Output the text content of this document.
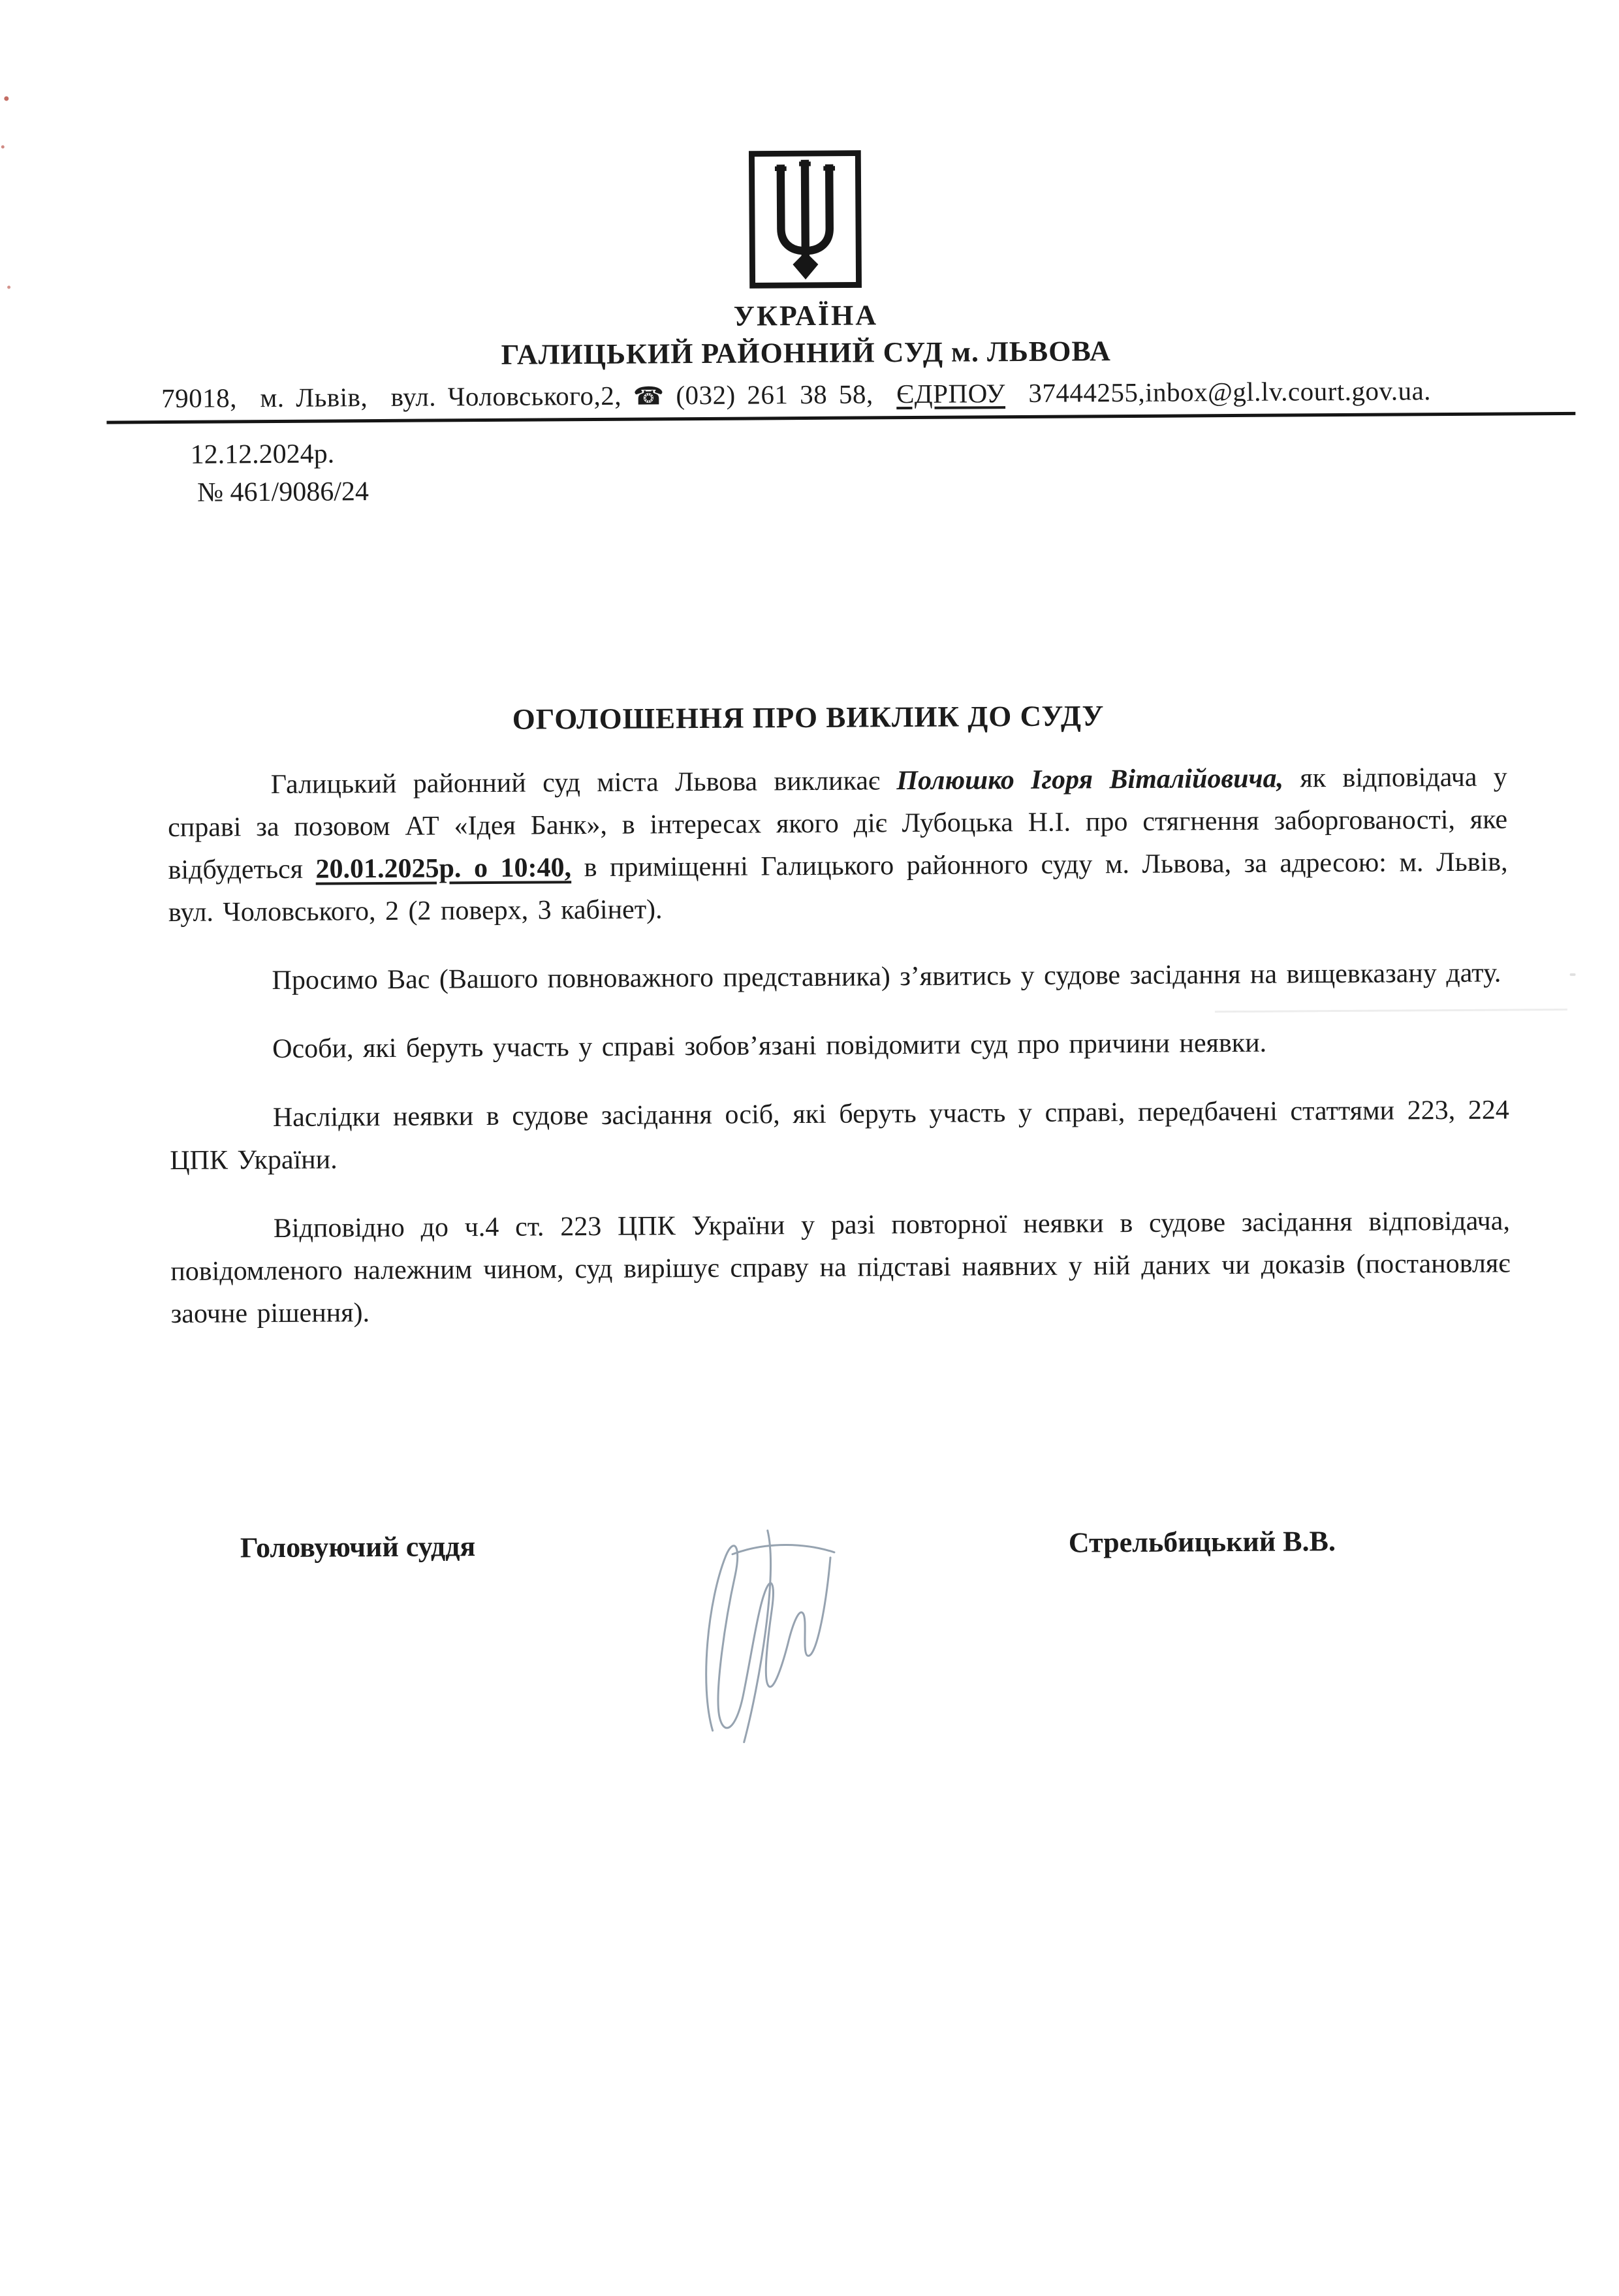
УКРАЇНА
ГАЛИЦЬКИЙ РАЙОННИЙ СУД м. ЛЬВОВА
79018,  м. Львів,  вул. Чоловського,2, ☎ (032) 261 38 58,  ЄДРПОУ  37444255,inbox@gl.lv.court.gov.ua.
12.12.2024р.
№ 461/9086/24
ОГОЛОШЕННЯ ПРО ВИКЛИК ДО СУДУ

Галицький районний суд міста Львова викликає Полюшко Ігоря Віталійовича, як відповідача у справі за позовом АТ «Ідея Банк», в інтересах якого діє Лубоцька Н.І. про стягнення заборгованості, яке відбудеться 20.01.2025р. о 10:40, в приміщенні Галицького районного суду м. Львова, за адресою: м. Львів, вул. Чоловського, 2 (2 поверх, 3 кабінет).

Просимо Вас (Вашого повноважного представника) з’явитись у судове засідання на вищевказану дату.

Особи, які беруть участь у справі зобов’язані повідомити суд про причини неявки.

Наслідки неявки в судове засідання осіб, які беруть участь у справі, передбачені статтями 223, 224 ЦПК України.

Відповідно до ч.4 ст. 223 ЦПК України у разі повторної неявки в судове засідання відповідача, повідомленого належним чином, суд вирішує справу на підставі наявних у ній даних чи доказів (постановляє заочне рішення).

Головуючий суддя	Стрельбицький В.В.
